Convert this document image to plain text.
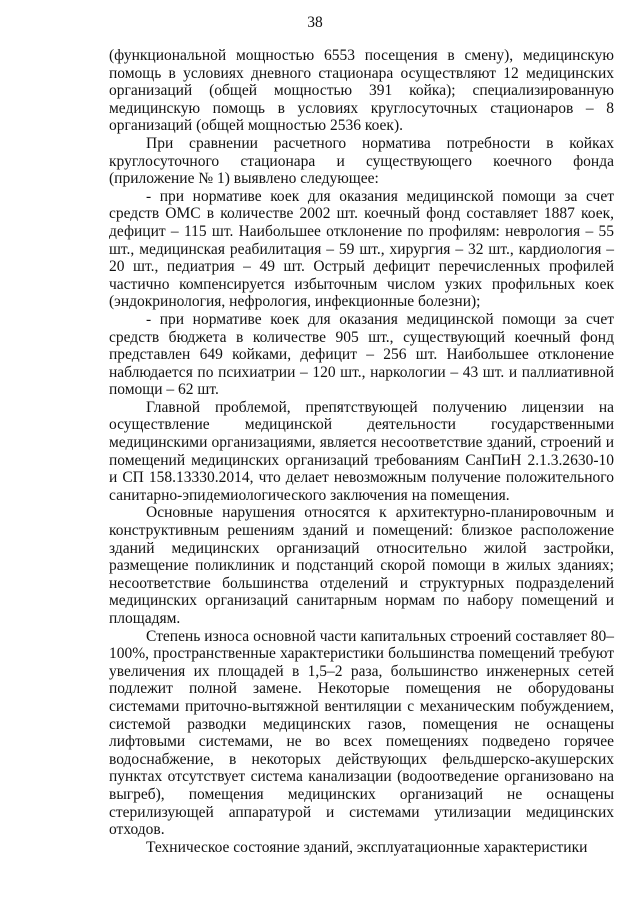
38

(функциональной мощностью 6553 посещения в смену), медицинскую помощь в условиях дневного стационара осуществляют 12 медицинских организаций (общей мощностью 391 койка); специализированную медицинскую помощь в условиях круглосуточных стационаров – 8 организаций (общей мощностью 2536 коек).

При сравнении расчетного норматива потребности в койках круглосуточного стационара и существующего коечного фонда (приложение № 1) выявлено следующее:

- при нормативе коек для оказания медицинской помощи за счет средств ОМС в количестве 2002 шт. коечный фонд составляет 1887 коек, дефицит – 115 шт. Наибольшее отклонение по профилям: неврология – 55 шт., медицинская реабилитация – 59 шт., хирургия – 32 шт., кардиология – 20 шт., педиатрия – 49 шт. Острый дефицит перечисленных профилей частично компенсируется избыточным числом узких профильных коек (эндокринология, нефрология, инфекционные болезни);

- при нормативе коек для оказания медицинской помощи за счет средств бюджета в количестве 905 шт., существующий коечный фонд представлен 649 койками, дефицит – 256 шт. Наибольшее отклонение наблюдается по психиатрии – 120 шт., наркологии – 43 шт. и паллиативной помощи – 62 шт.

Главной проблемой, препятствующей получению лицензии на осуществление медицинской деятельности государственными медицинскими организациями, является несоответствие зданий, строений и помещений медицинских организаций требованиям СанПиН 2.1.3.2630-10 и СП 158.13330.2014, что делает невозможным получение положительного санитарно-эпидемиологического заключения на помещения.

Основные нарушения относятся к архитектурно-планировочным и конструктивным решениям зданий и помещений: близкое расположение зданий медицинских организаций относительно жилой застройки, размещение поликлиник и подстанций скорой помощи в жилых зданиях; несоответствие большинства отделений и структурных подразделений медицинских организаций санитарным нормам по набору помещений и площадям.

Степень износа основной части капитальных строений составляет 80–100%, пространственные характеристики большинства помещений требуют увеличения их площадей в 1,5–2 раза, большинство инженерных сетей подлежит полной замене. Некоторые помещения не оборудованы системами приточно-вытяжной вентиляции с механическим побуждением, системой разводки медицинских газов, помещения не оснащены лифтовыми системами, не во всех помещениях подведено горячее водоснабжение, в некоторых действующих фельдшерско-акушерских пунктах отсутствует система канализации (водоотведение организовано на выгреб), помещения медицинских организаций не оснащены стерилизующей аппаратурой и системами утилизации медицинских отходов.

Техническое состояние зданий, эксплуатационные характеристики
